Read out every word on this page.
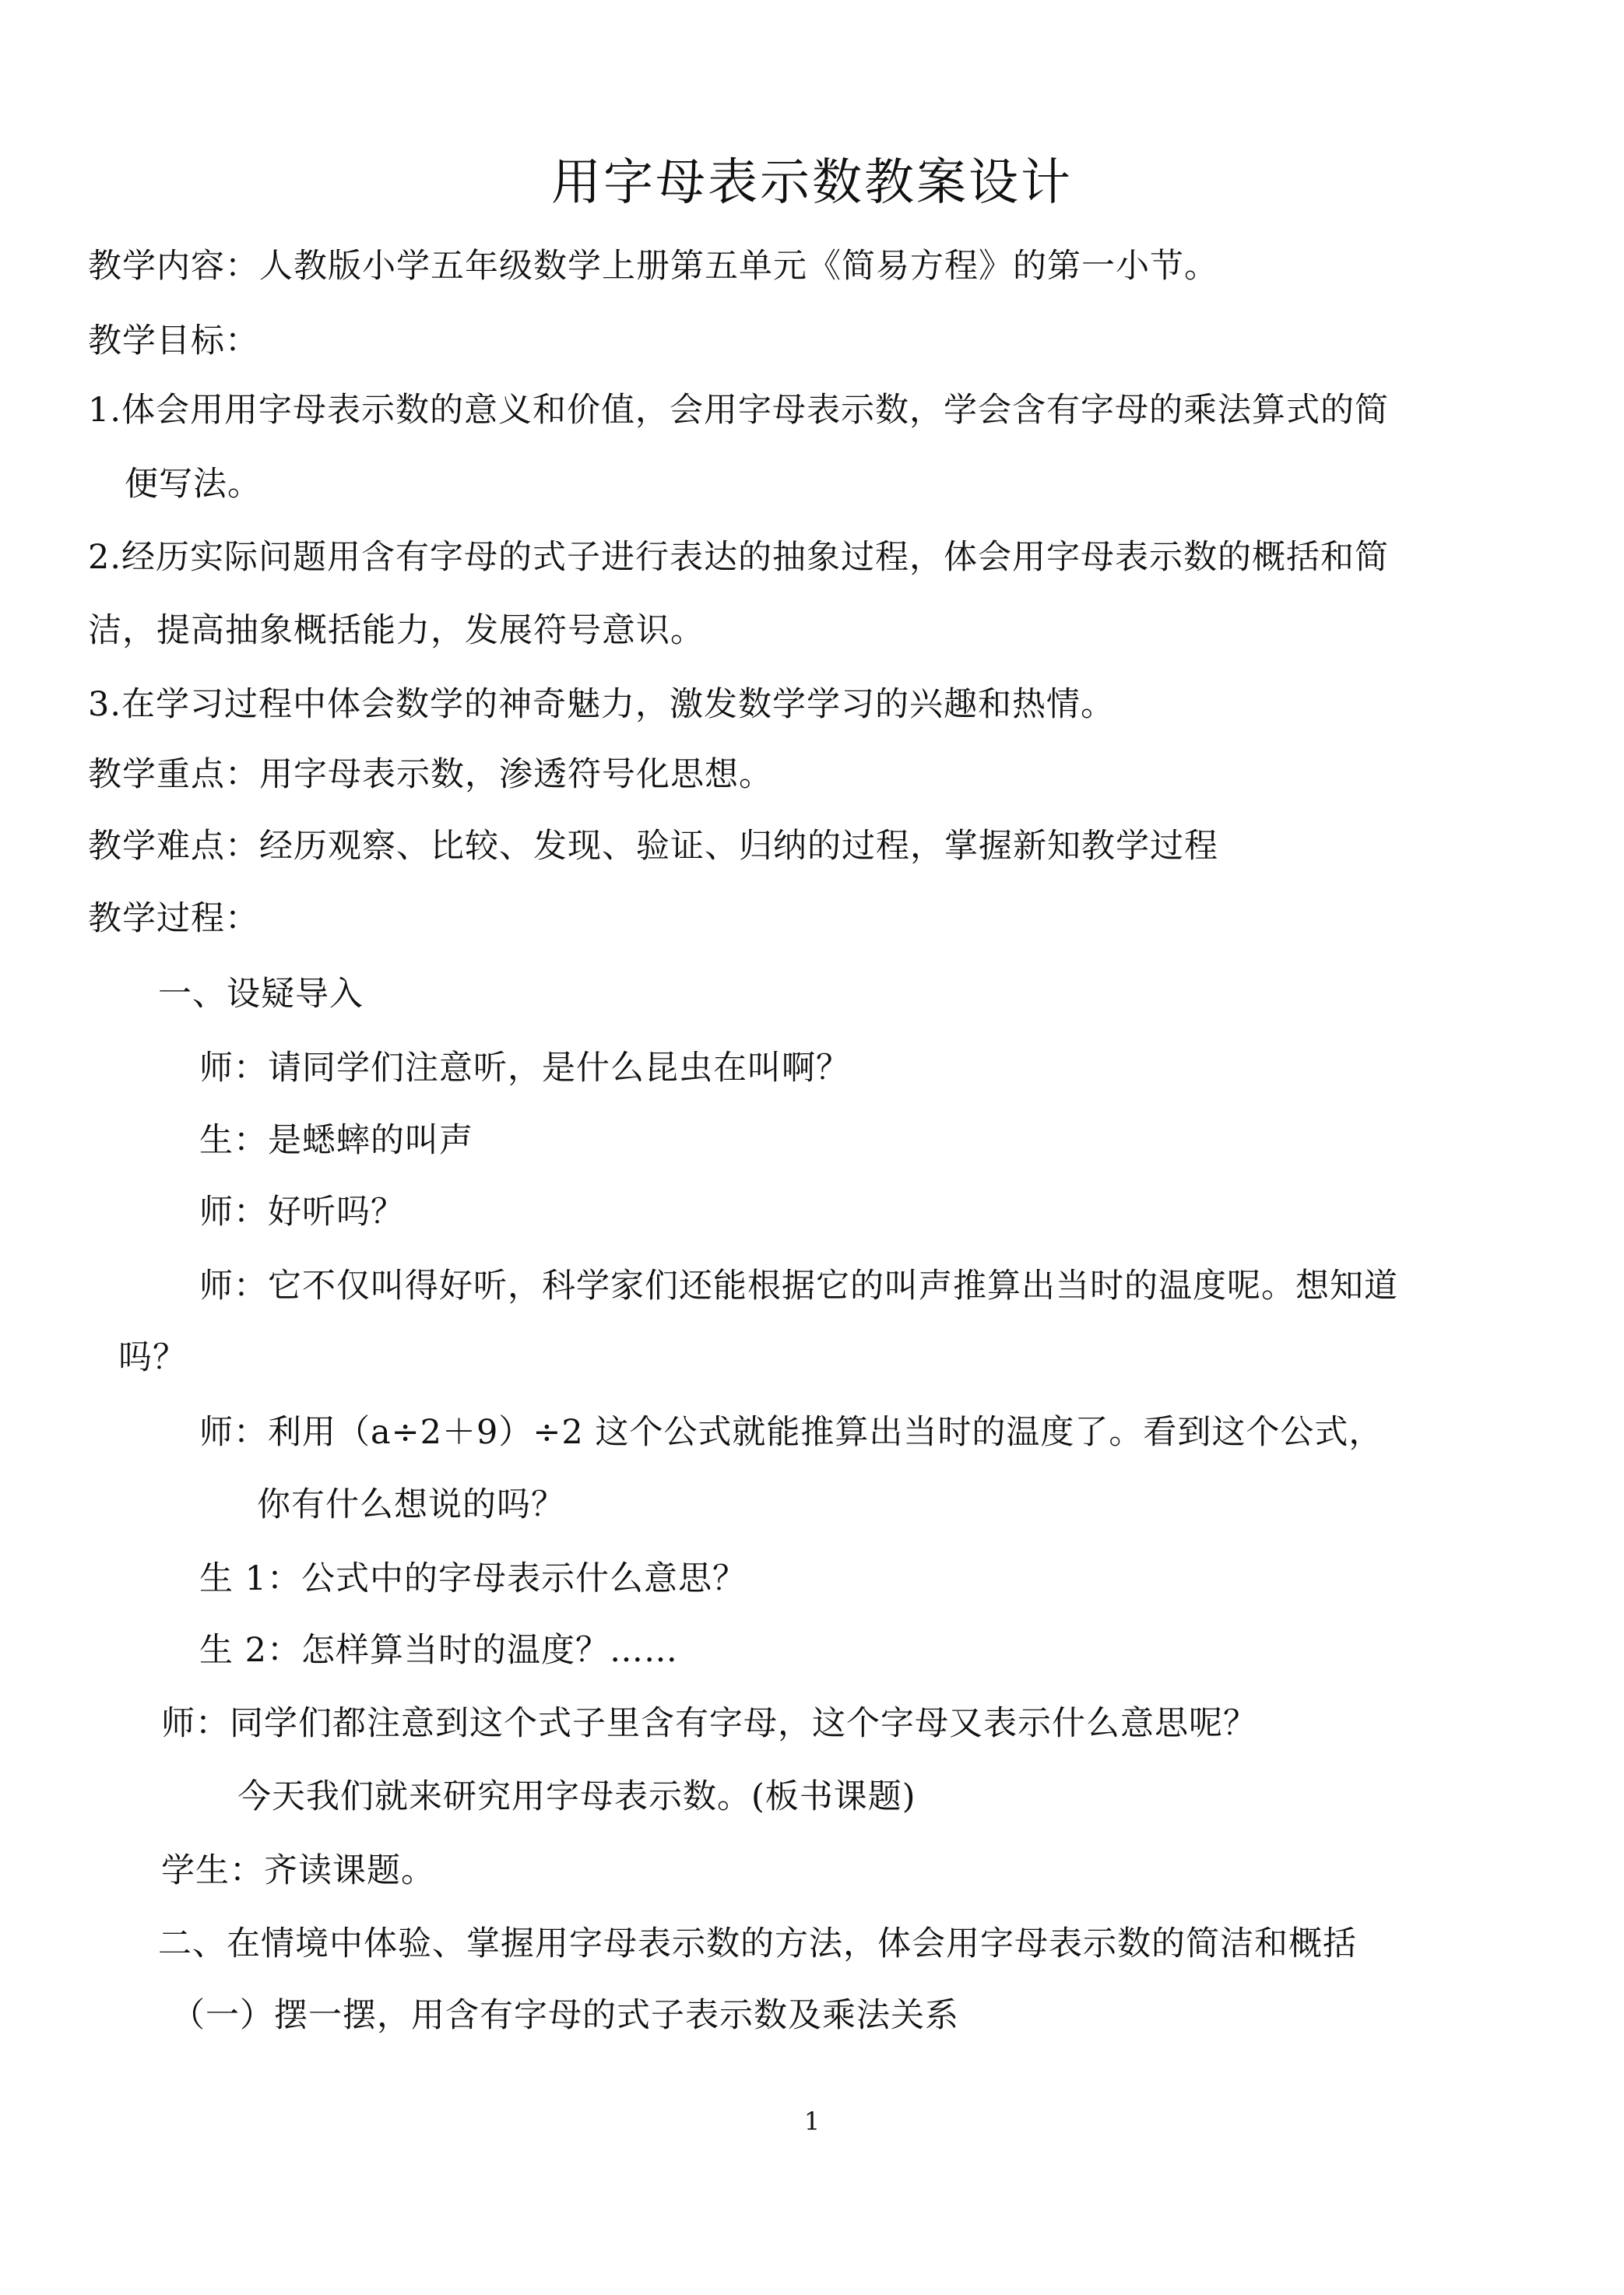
用字母表示数教案设计
教学内容：人教版小学五年级数学上册第五单元《简易方程》的第一小节。
教学目标：
1.体会用用字母表示数的意义和价值，会用字母表示数，学会含有字母的乘法算式的简
便写法。
2.经历实际问题用含有字母的式子进行表达的抽象过程，体会用字母表示数的概括和简
洁，提高抽象概括能力，发展符号意识。
3.在学习过程中体会数学的神奇魅力，激发数学学习的兴趣和热情。
教学重点：用字母表示数，渗透符号化思想。
教学难点：经历观察、比较、发现、验证、归纳的过程，掌握新知教学过程
教学过程：
一、设疑导入
师：请同学们注意听，是什么昆虫在叫啊？
生：是蟋蟀的叫声
师：好听吗？
师：它不仅叫得好听，科学家们还能根据它的叫声推算出当时的温度呢。想知道
吗？
师：利用（a÷2＋9）÷2 这个公式就能推算出当时的温度了。看到这个公式，
你有什么想说的吗？
生 1：公式中的字母表示什么意思？
生 2：怎样算当时的温度？……
师：同学们都注意到这个式子里含有字母，这个字母又表示什么意思呢？
今天我们就来研究用字母表示数。(板书课题)
学生：齐读课题。
二、在情境中体验、掌握用字母表示数的方法，体会用字母表示数的简洁和概括
（一）摆一摆，用含有字母的式子表示数及乘法关系
1
